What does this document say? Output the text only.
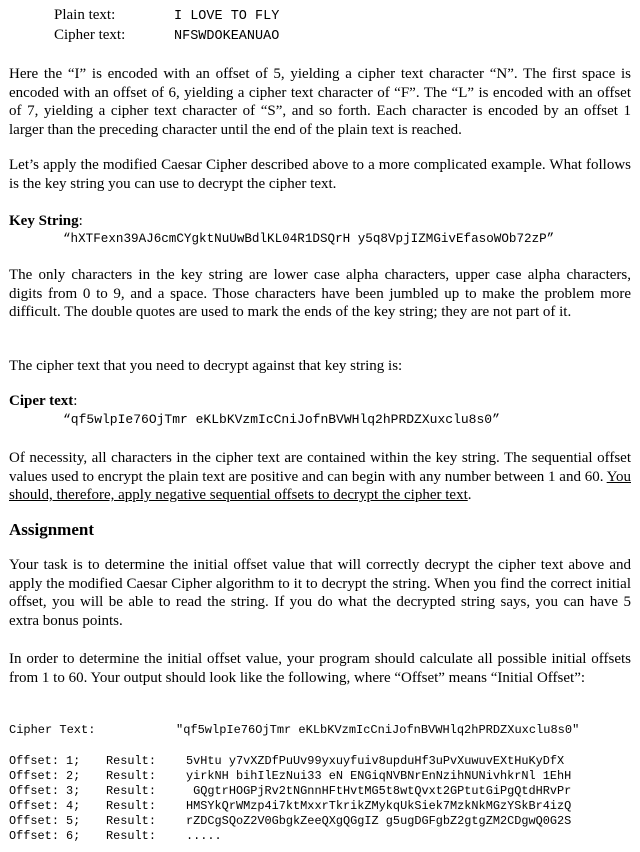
Plain text:	I LOVE TO FLY
Cipher text:	NFSWDOKEANUAO

Here the “I” is encoded with an offset of 5, yielding a cipher text character “N”. The first space is encoded with an offset of 6, yielding a cipher text character of “F”. The “L” is encoded with an offset of 7, yielding a cipher text character of “S”, and so forth. Each character is encoded by an offset 1 larger than the preceding character until the end of the plain text is reached.

Let’s apply the modified Caesar Cipher described above to a more complicated example. What follows is the key string you can use to decrypt the cipher text.

Key String:
“hXTFexn39AJ6cmCYgktNuUwBdlKL04R1DSQrH y5q8VpjIZMGivEfasoWOb72zP”

The only characters in the key string are lower case alpha characters, upper case alpha characters, digits from 0 to 9, and a space. Those characters have been jumbled up to make the problem more difficult. The double quotes are used to mark the ends of the key string; they are not part of it.

The cipher text that you need to decrypt against that key string is:

Ciper text:
“qf5wlpIe76OjTmr eKLbKVzmIcCniJofnBVWHlq2hPRDZXuxclu8s0”

Of necessity, all characters in the cipher text are contained within the key string. The sequential offset values used to encrypt the plain text are positive and can begin with any number between 1 and 60. You should, therefore, apply negative sequential offsets to decrypt the cipher text.

Assignment

Your task is to determine the initial offset value that will correctly decrypt the cipher text above and apply the modified Caesar Cipher algorithm to it to decrypt the string. When you find the correct initial offset, you will be able to read the string. If you do what the decrypted string says, you can have 5 extra bonus points.

In order to determine the initial offset value, your program should calculate all possible initial offsets from 1 to 60. Your output should look like the following, where “Offset” means “Initial Offset”:

Cipher Text:	"qf5wlpIe76OjTmr eKLbKVzmIcCniJofnBVWHlq2hPRDZXuxclu8s0"
Offset: 1; Result:	5vHtu y7vXZDfPuUv99yxuyfuiv8upduHf3uPvXuwuvEXtHuKyDfX
Offset: 2; Result:	yirkNH bihIlEzNui33 eN ENGiqNVBNrEnNzihNUNivhkrNl 1EhH
Offset: 3; Result:	GQgtrHOGPjRv2tNGnnHFtHvtMG5t8wtQvxt2GPtutGiPgQtdHRvPr
Offset: 4; Result:	HMSYkQrWMzp4i7ktMxxrTkrikZMykqUkSiek7MzkNkMGzYSkBr4izQ
Offset: 5; Result:	rZDCgSQoZ2V0GbgkZeeQXgQGgIZ g5ugDGFgbZ2gtgZM2CDgwQ0G2S
Offset: 6; Result:	.....
